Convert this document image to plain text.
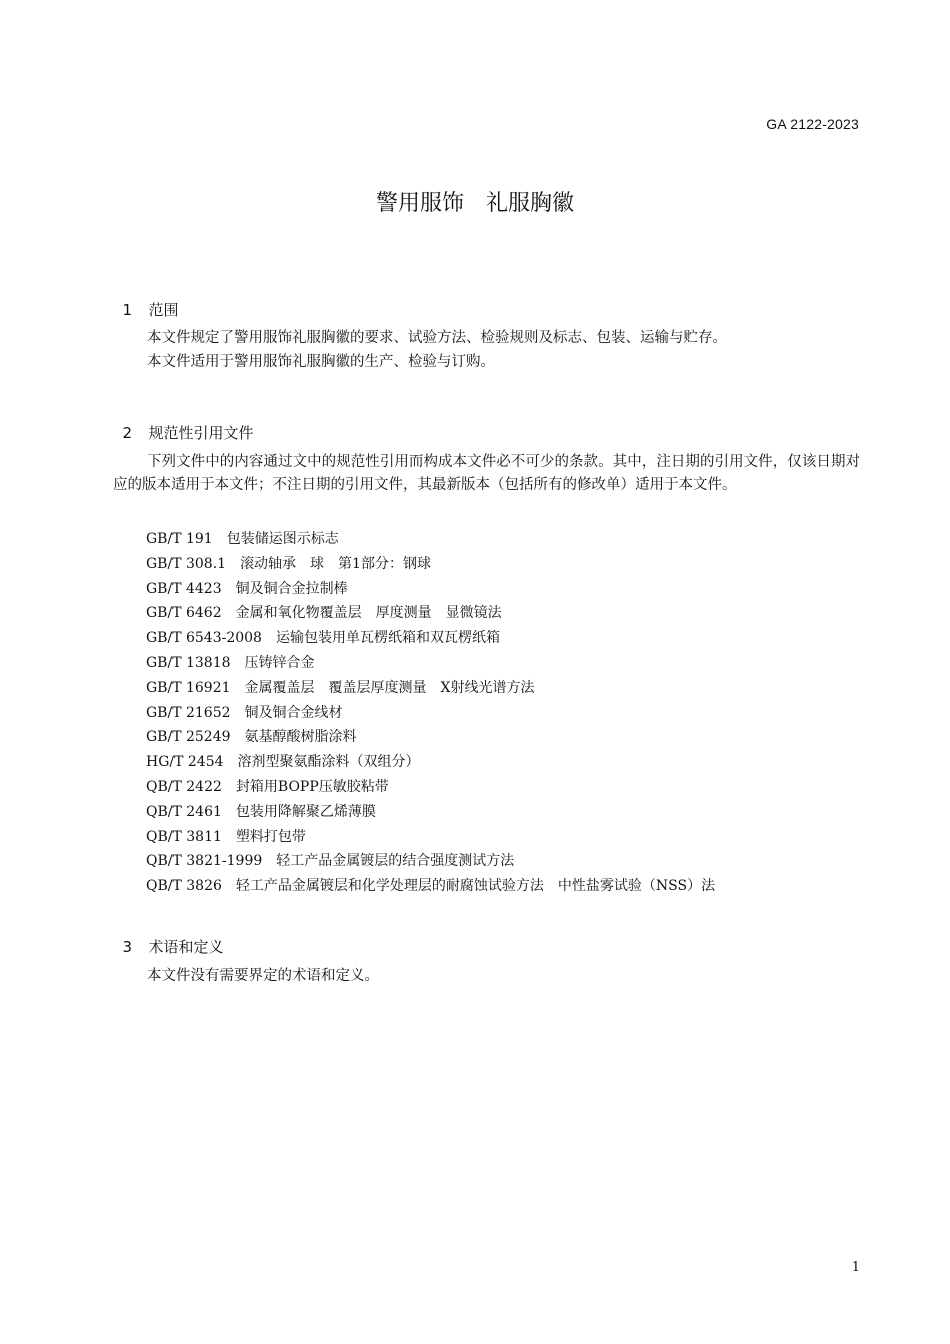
GA 2122-2023
警用服饰　礼服胸徽

1 范围

本文件规定了警用服饰礼服胸徽的要求、试验方法、检验规则及标志、包装、运输与贮存。
本文件适用于警用服饰礼服胸徽的生产、检验与订购。

2 规范性引用文件

下列文件中的内容通过文中的规范性引用而构成本文件必不可少的条款。其中，注日期的引用文件，仅该日期对应的版本适用于本文件；不注日期的引用文件，其最新版本（包括所有的修改单）适用于本文件。
GB/T 191 包装储运图示标志
GB/T 308.1 滚动轴承　球　第1部分：钢球
GB/T 4423 铜及铜合金拉制棒
GB/T 6462 金属和氧化物覆盖层　厚度测量　显微镜法
GB/T 6543-2008 运输包装用单瓦楞纸箱和双瓦楞纸箱
GB/T 13818 压铸锌合金
GB/T 16921 金属覆盖层　覆盖层厚度测量　X射线光谱方法
GB/T 21652 铜及铜合金线材
GB/T 25249 氨基醇酸树脂涂料
HG/T 2454 溶剂型聚氨酯涂料（双组分）
QB/T 2422 封箱用BOPP压敏胶粘带
QB/T 2461 包装用降解聚乙烯薄膜
QB/T 3811 塑料打包带
QB/T 3821-1999 轻工产品金属镀层的结合强度测试方法
QB/T 3826 轻工产品金属镀层和化学处理层的耐腐蚀试验方法　中性盐雾试验（NSS）法

3 术语和定义

本文件没有需要界定的术语和定义。
1
